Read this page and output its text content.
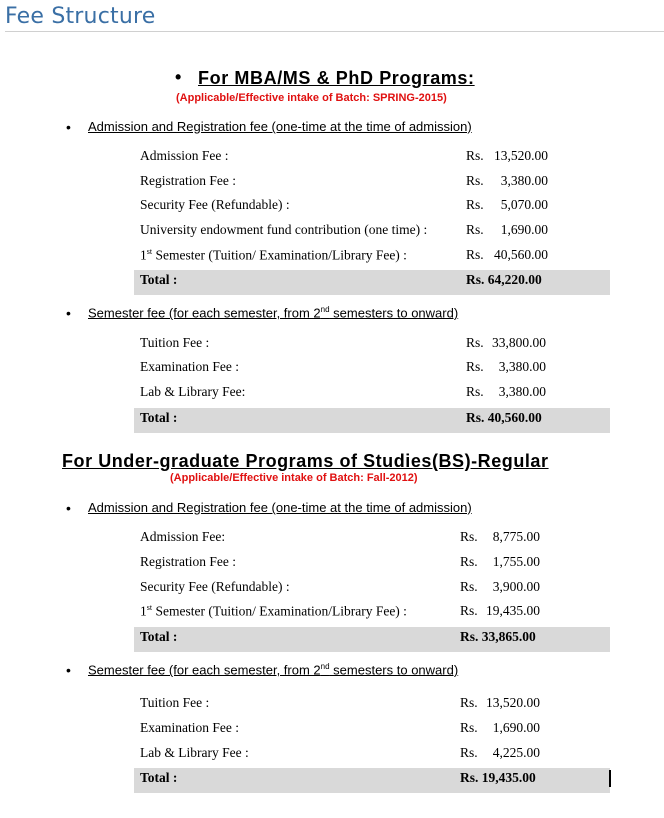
Fee Structure
• For MBA/MS & PhD Programs:
(Applicable/Effective intake of Batch: SPRING-2015)
• Admission and Registration fee (one-time at the time of admission)
Admission Fee :	Rs. 13,520.00
Registration Fee :	Rs.	3,380.00
Security Fee (Refundable) :	Rs.	5,070.00
University endowment fund contribution (one time) :	Rs.	1,690.00
1st Semester (Tuition/ Examination/Library Fee) :	Rs. 40,560.00
Total :	Rs. 64,220.00
• Semester fee (for each semester, from 2nd semesters to onward)
Tuition Fee :	Rs. 33,800.00
Examination Fee :	Rs.	3,380.00
Lab & Library Fee:	Rs.	3,380.00
Total :	Rs. 40,560.00
For Under-graduate Programs of Studies(BS)-Regular
(Applicable/Effective intake of Batch: Fall-2012)
• Admission and Registration fee (one-time at the time of admission)
Admission Fee:	Rs.	8,775.00
Registration Fee :	Rs.	1,755.00
Security Fee (Refundable) :	Rs.	3,900.00
1st Semester (Tuition/ Examination/Library Fee) :	Rs. 19,435.00
Total :	Rs. 33,865.00
• Semester fee (for each semester, from 2nd semesters to onward)
Tuition Fee :	Rs. 13,520.00
Examination Fee :	Rs.	1,690.00
Lab & Library Fee :	Rs.	4,225.00
Total :	Rs. 19,435.00
